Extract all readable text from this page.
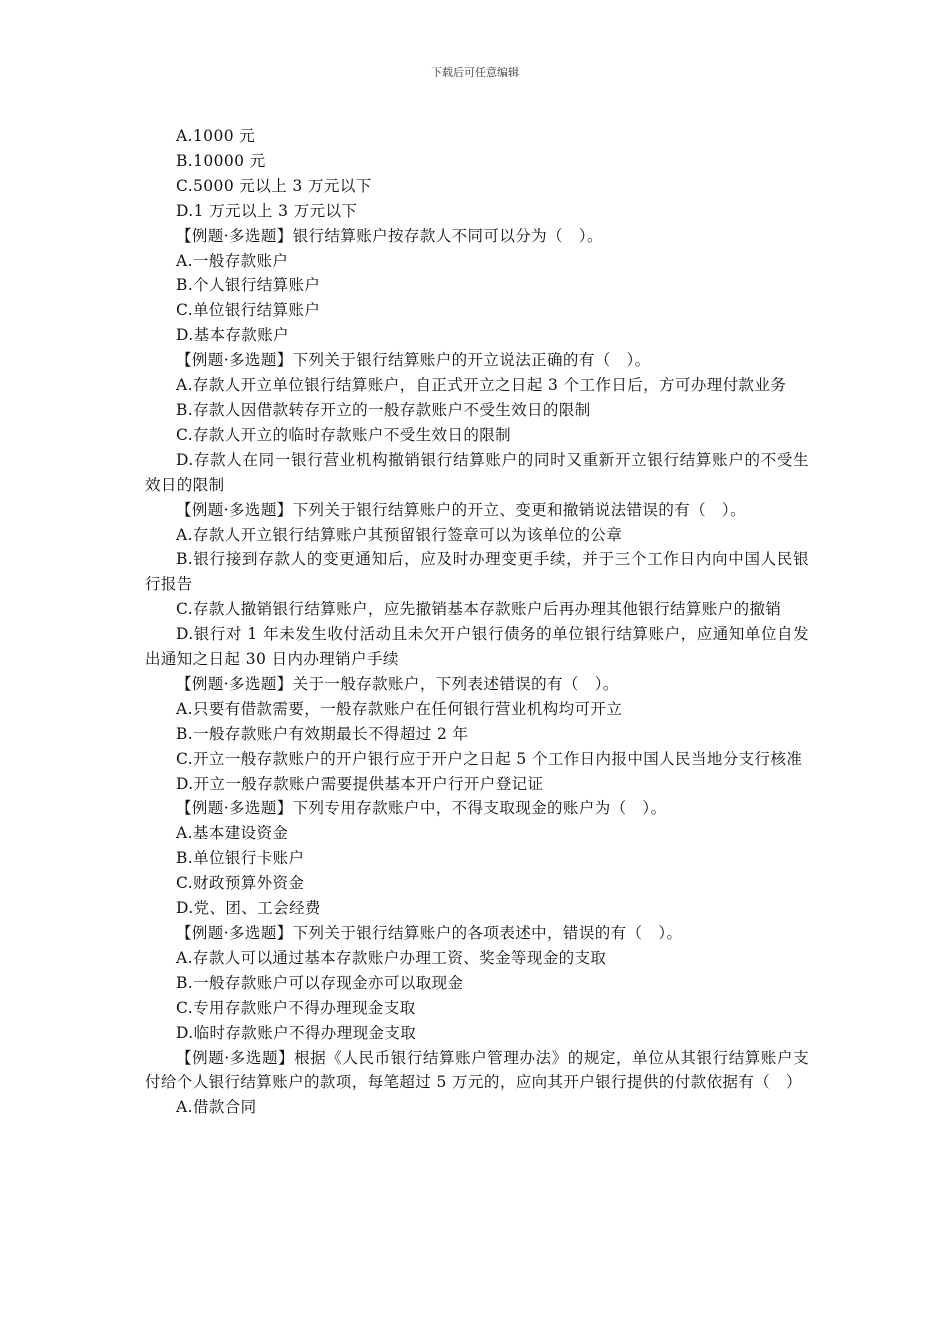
下载后可任意编辑

A.1000 元

B.10000 元

C.5000 元以上 3 万元以下

D.1 万元以上 3 万元以下

【例题·多选题】银行结算账户按存款人不同可以分为（　）。

A.一般存款账户

B.个人银行结算账户

C.单位银行结算账户

D.基本存款账户

【例题·多选题】下列关于银行结算账户的开立说法正确的有（　）。

A.存款人开立单位银行结算账户，自正式开立之日起 3 个工作日后，方可办理付款业务

B.存款人因借款转存开立的一般存款账户不受生效日的限制

C.存款人开立的临时存款账户不受生效日的限制

D.存款人在同一银行营业机构撤销银行结算账户的同时又重新开立银行结算账户的不受生效日的限制

【例题·多选题】下列关于银行结算账户的开立、变更和撤销说法错误的有（　）。

A.存款人开立银行结算账户其预留银行签章可以为该单位的公章

B.银行接到存款人的变更通知后，应及时办理变更手续，并于三个工作日内向中国人民银行报告

C.存款人撤销银行结算账户，应先撤销基本存款账户后再办理其他银行结算账户的撤销

D.银行对 1 年未发生收付活动且未欠开户银行债务的单位银行结算账户，应通知单位自发出通知之日起 30 日内办理销户手续

【例题·多选题】关于一般存款账户，下列表述错误的有（　）。

A.只要有借款需要，一般存款账户在任何银行营业机构均可开立

B.一般存款账户有效期最长不得超过 2 年

C.开立一般存款账户的开户银行应于开户之日起 5 个工作日内报中国人民当地分支行核准

D.开立一般存款账户需要提供基本开户行开户登记证

【例题·多选题】下列专用存款账户中，不得支取现金的账户为（　）。

A.基本建设资金

B.单位银行卡账户

C.财政预算外资金

D.党、团、工会经费

【例题·多选题】下列关于银行结算账户的各项表述中，错误的有（　）。

A.存款人可以通过基本存款账户办理工资、奖金等现金的支取

B.一般存款账户可以存现金亦可以取现金

C.专用存款账户不得办理现金支取

D.临时存款账户不得办理现金支取

【例题·多选题】根据《人民币银行结算账户管理办法》的规定，单位从其银行结算账户支付给个人银行结算账户的款项，每笔超过 5 万元的，应向其开户银行提供的付款依据有（　）

A.借款合同
